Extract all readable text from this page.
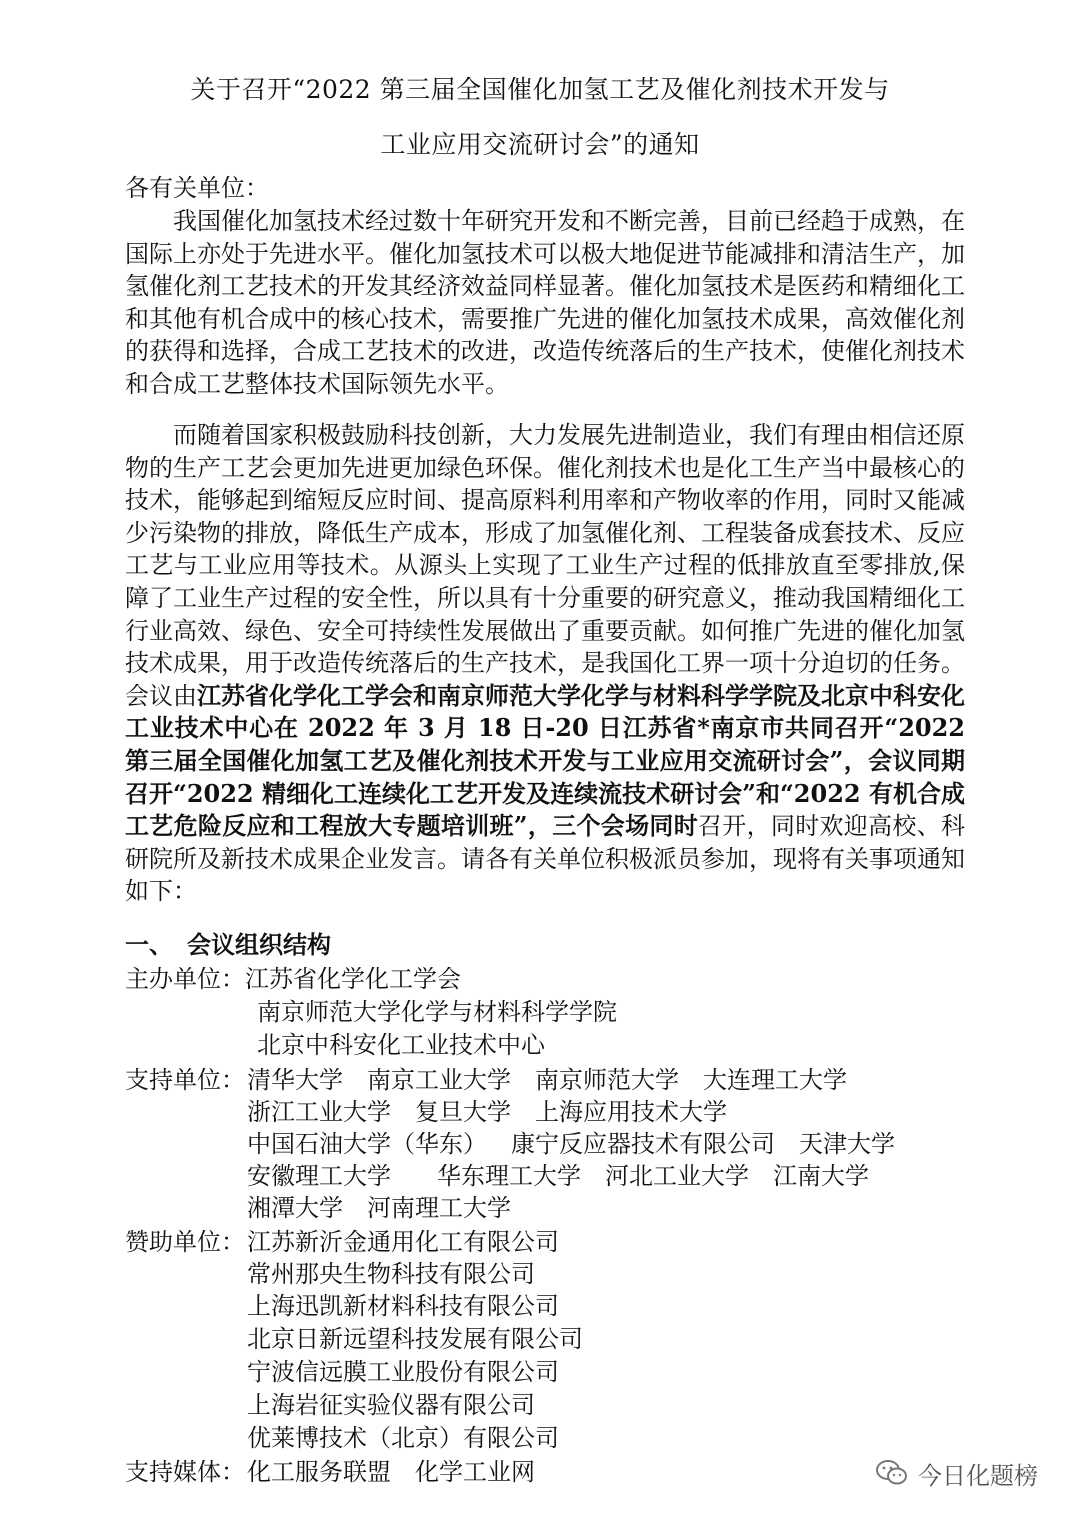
关于召开“2022 第三届全国催化加氢工艺及催化剂技术开发与
工业应用交流研讨会”的通知
各有关单位：

我国催化加氢技术经过数十年研究开发和不断完善，目前已经趋于成熟，在国际上亦处于先进水平。催化加氢技术可以极大地促进节能减排和清洁生产，加氢催化剂工艺技术的开发其经济效益同样显著。催化加氢技术是医药和精细化工和其他有机合成中的核心技术，需要推广先进的催化加氢技术成果，高效催化剂的获得和选择，合成工艺技术的改进，改造传统落后的生产技术，使催化剂技术和合成工艺整体技术国际领先水平。

而随着国家积极鼓励科技创新，大力发展先进制造业，我们有理由相信还原物的生产工艺会更加先进更加绿色环保。催化剂技术也是化工生产当中最核心的技术，能够起到缩短反应时间、提高原料利用率和产物收率的作用，同时又能减少污染物的排放，降低生产成本，形成了加氢催化剂、工程装备成套技术、反应工艺与工业应用等技术。从源头上实现了工业生产过程的低排放直至零排放,保障了工业生产过程的安全性，所以具有十分重要的研究意义，推动我国精细化工行业高效、绿色、安全可持续性发展做出了重要贡献。如何推广先进的催化加氢技术成果，用于改造传统落后的生产技术，是我国化工界一项十分迫切的任务。会议由江苏省化学化工学会和南京师范大学化学与材料科学学院及北京中科安化工业技术中心在 2022 年 3 月 18 日-20 日江苏省*南京市共同召开“2022 第三届全国催化加氢工艺及催化剂技术开发与工业应用交流研讨会”，会议同期召开“2022 精细化工连续化工艺开发及连续流技术研讨会”和“2022 有机合成工艺危险反应和工程放大专题培训班”，三个会场同时召开，同时欢迎高校、科研院所及新技术成果企业发言。请各有关单位积极派员参加，现将有关事项通知如下：

一、 会议组织结构
主办单位：江苏省化学化工学会
南京师范大学化学与材料科学学院
北京中科安化工业技术中心
支持单位：清华大学 南京工业大学 南京师范大学 大连理工大学
浙江工业大学 复旦大学 上海应用技术大学
中国石油大学（华东） 康宁反应器技术有限公司 天津大学
安徽理工大学 华东理工大学 河北工业大学 江南大学
湘潭大学 河南理工大学
赞助单位：江苏新沂金通用化工有限公司
常州那央生物科技有限公司
上海迅凯新材料科技有限公司
北京日新远望科技发展有限公司
宁波信远膜工业股份有限公司
上海岩征实验仪器有限公司
优莱博技术（北京）有限公司
支持媒体：化工服务联盟 化学工业网	今日化题榜
